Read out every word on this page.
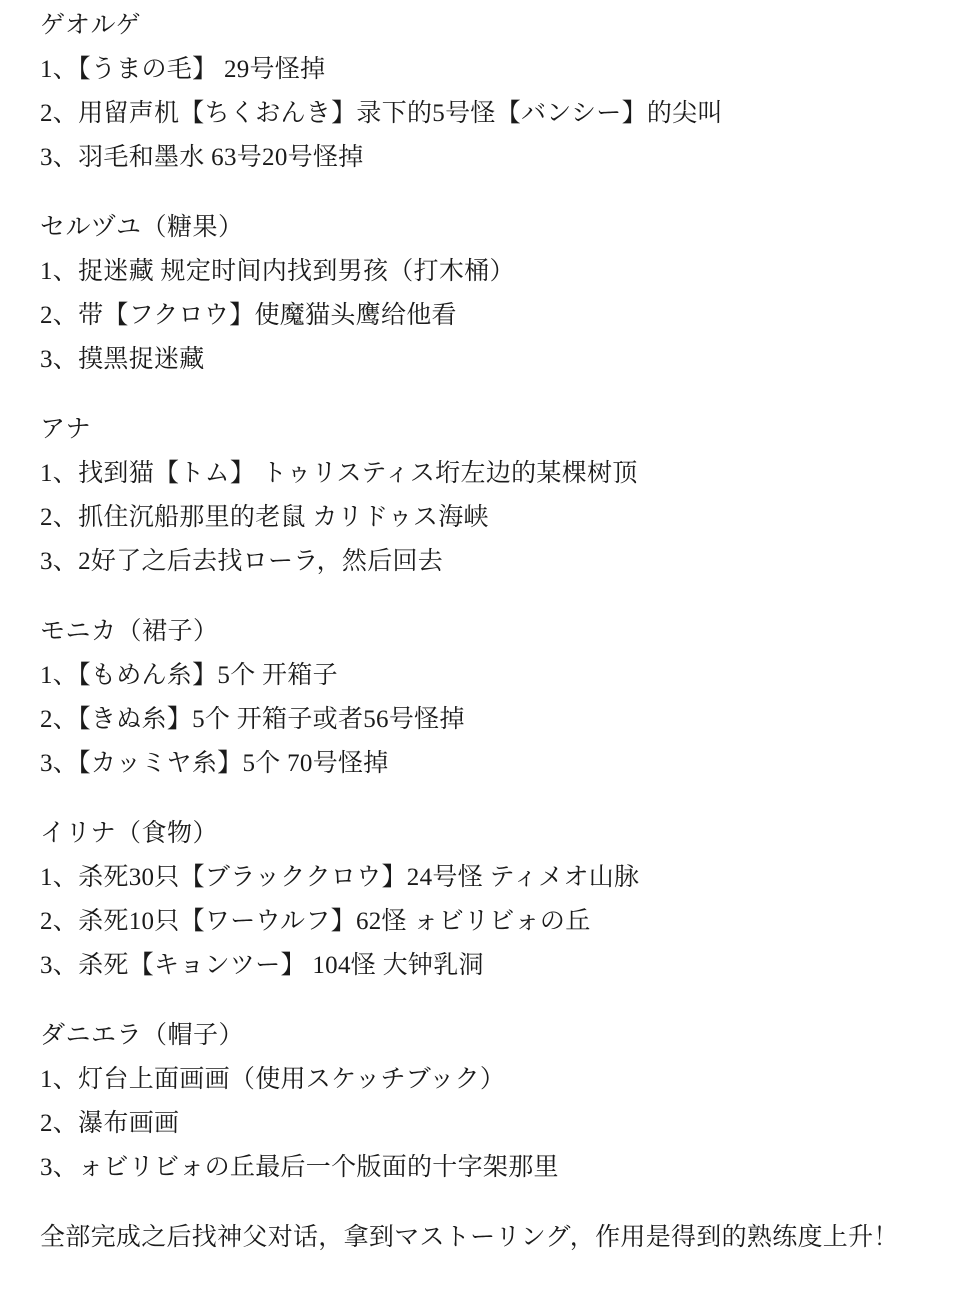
ゲオルゲ
1、【うまの毛】 29号怪掉
2、用留声机【ちくおんき】录下的5号怪【バンシー】的尖叫
3、羽毛和墨水 63号20号怪掉
セルヅユ（糖果）
1、捉迷藏 规定时间内找到男孩（打木桶）
2、带【フクロウ】使魔猫头鹰给他看
3、摸黑捉迷藏
アナ
1、找到猫【トム】 トゥリスティス垳左边的某棵树顶
2、抓住沉船那里的老鼠 カリドゥス海峡
3、2好了之后去找ローラ，然后回去
モニカ（裙子）
1、【もめん糸】5个 开箱子
2、【きぬ糸】5个 开箱子或者56号怪掉
3、【カッミヤ糸】5个 70号怪掉
イリナ（食物）
1、杀死30只【ブラッククロウ】24号怪 ティメオ山脉
2、杀死10只【ワーウルフ】62怪 ォビリビォの丘
3、杀死【キョンツー】 104怪 大钟乳洞
ダニエラ（帽子）
1、灯台上面画画（使用スケッチブック）
2、瀑布画画
3、ォビリビォの丘最后一个版面的十字架那里
全部完成之后找神父对话，拿到マストーリング，作用是得到的熟练度上升！
